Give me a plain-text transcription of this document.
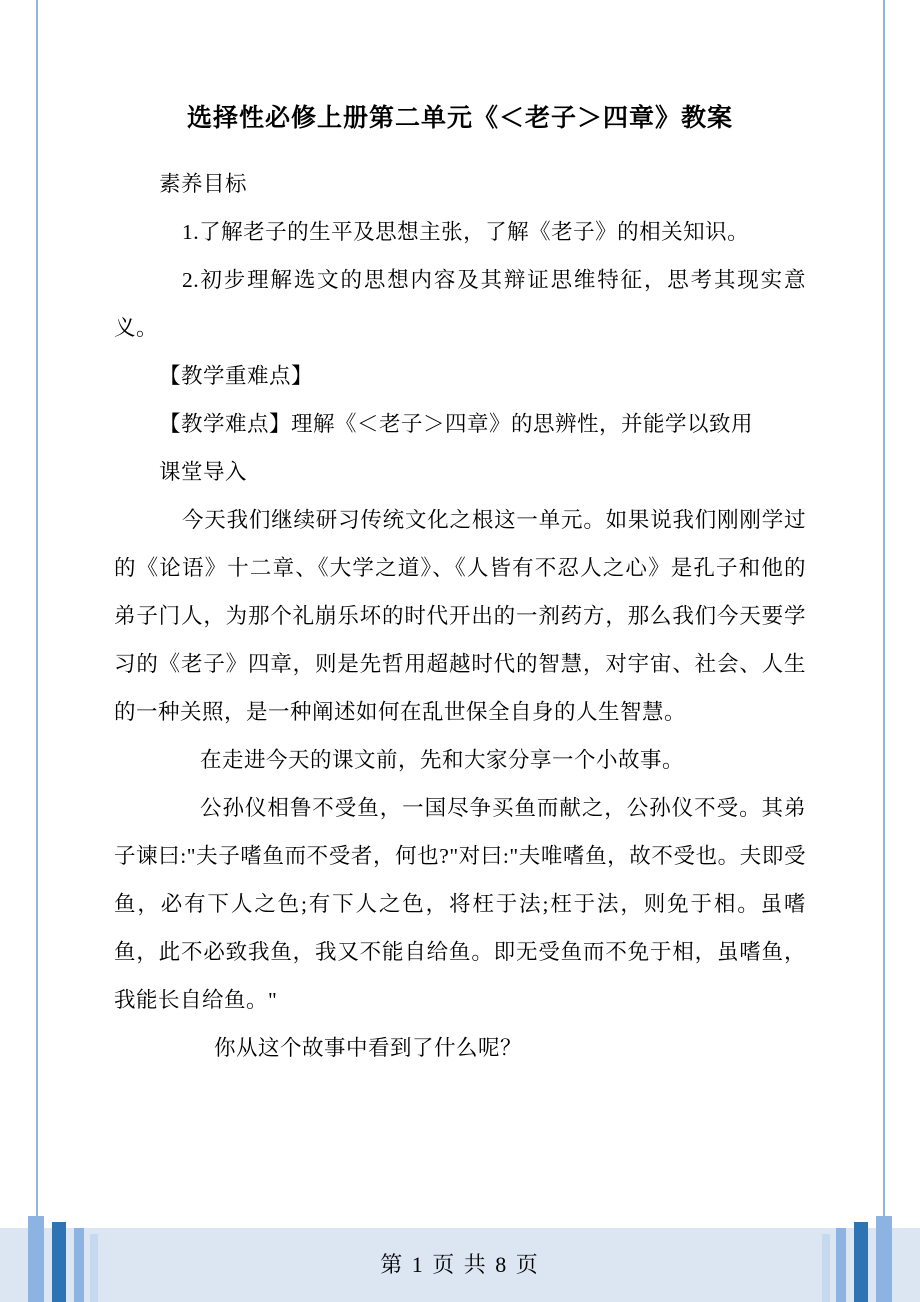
选择性必修上册第二单元《＜老子＞四章》教案

素养目标

1.了解老子的生平及思想主张，了解《老子》的相关知识。

2.初步理解选文的思想内容及其辩证思维特征，思考其现实意义。

【教学重难点】

【教学难点】理解《＜老子＞四章》的思辨性，并能学以致用

课堂导入

今天我们继续研习传统文化之根这一单元。如果说我们刚刚学过的《论语》十二章、《大学之道》、《人皆有不忍人之心》是孔子和他的弟子门人，为那个礼崩乐坏的时代开出的一剂药方，那么我们今天要学习的《老子》四章，则是先哲用超越时代的智慧，对宇宙、社会、人生的一种关照，是一种阐述如何在乱世保全自身的人生智慧。

在走进今天的课文前，先和大家分享一个小故事。

公孙仪相鲁不受鱼，一国尽争买鱼而献之，公孙仪不受。其弟子谏曰:"夫子嗜鱼而不受者，何也?"对曰:"夫唯嗜鱼，故不受也。夫即受鱼，必有下人之色;有下人之色，将枉于法;枉于法，则免于相。虽嗜鱼，此不必致我鱼，我又不能自给鱼。即无受鱼而不免于相，虽嗜鱼，我能长自给鱼。"

你从这个故事中看到了什么呢？

第 1 页 共 8 页
